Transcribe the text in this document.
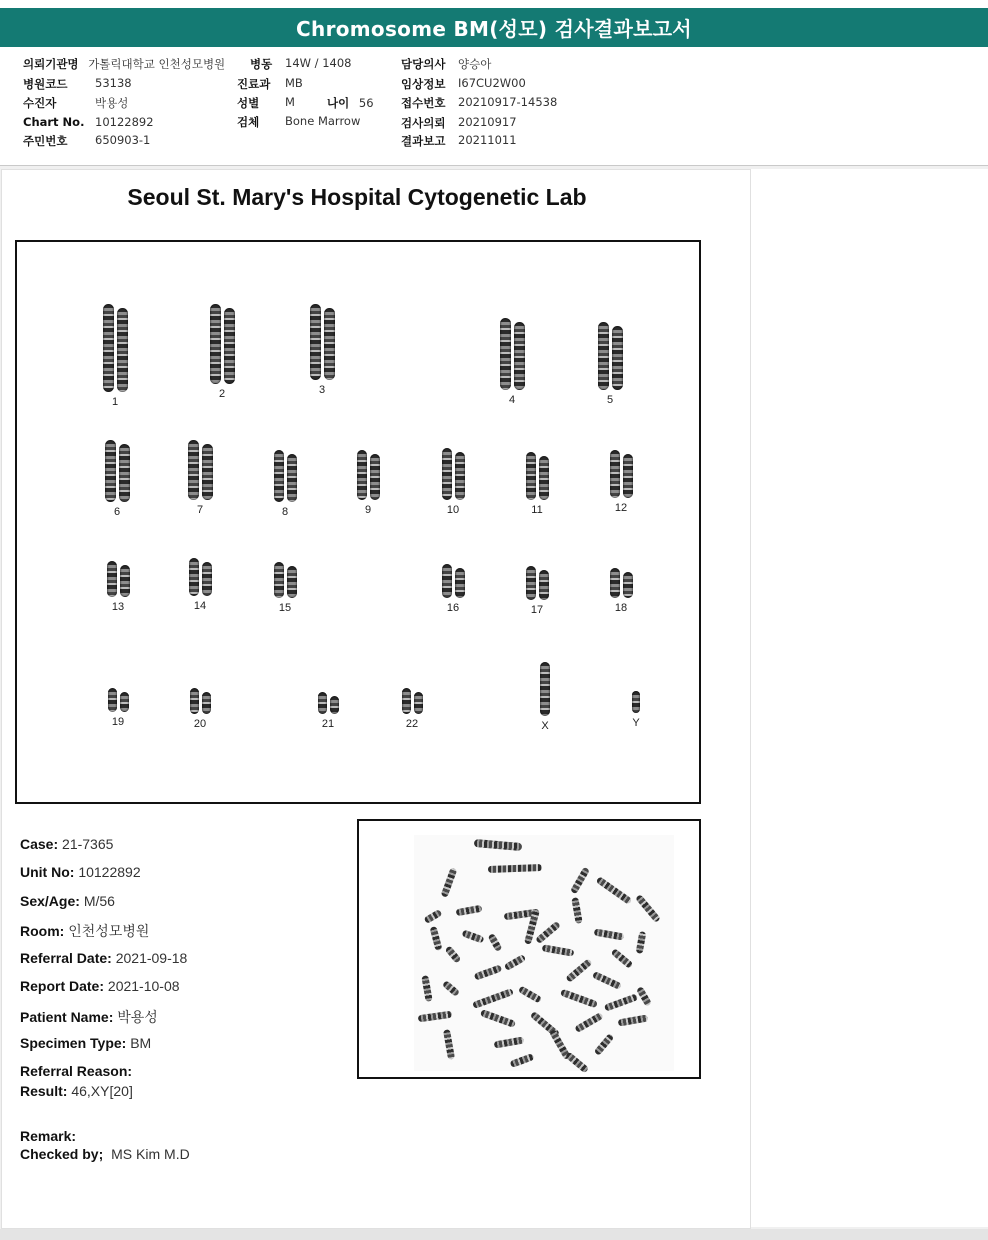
Chromosome BM(성모) 검사결과보고서
의뢰기관명 가톨릭대학교 인천성모병원
병원코드 53138
수진자	박용성
Chart No. 10122892
주민번호 650903-1
병동 14W / 1408
진료과 MB
성별 M	나이 56
검체 Bone Marrow
담당의사 양승아
임상정보 I67CU2W00
접수번호 20210917-14538
검사의뢰 20210917
결과보고 20211011
Seoul St. Mary's Hospital Cytogenetic Lab
1
2	3
4	5
6	7	8	9	10	11	12
13	14	15	16	17	18
19	20	21	22	X	Y
Case: 21-7365
Unit No: 10122892
Sex/Age: M/56
Room: 인천성모병원
Referral Date: 2021-09-18
Report Date: 2021-10-08
Patient Name: 박용성
Specimen Type: BM
Referral Reason:
Result: 46,XY[20]
Remark:
Checked by; MS Kim M.D
